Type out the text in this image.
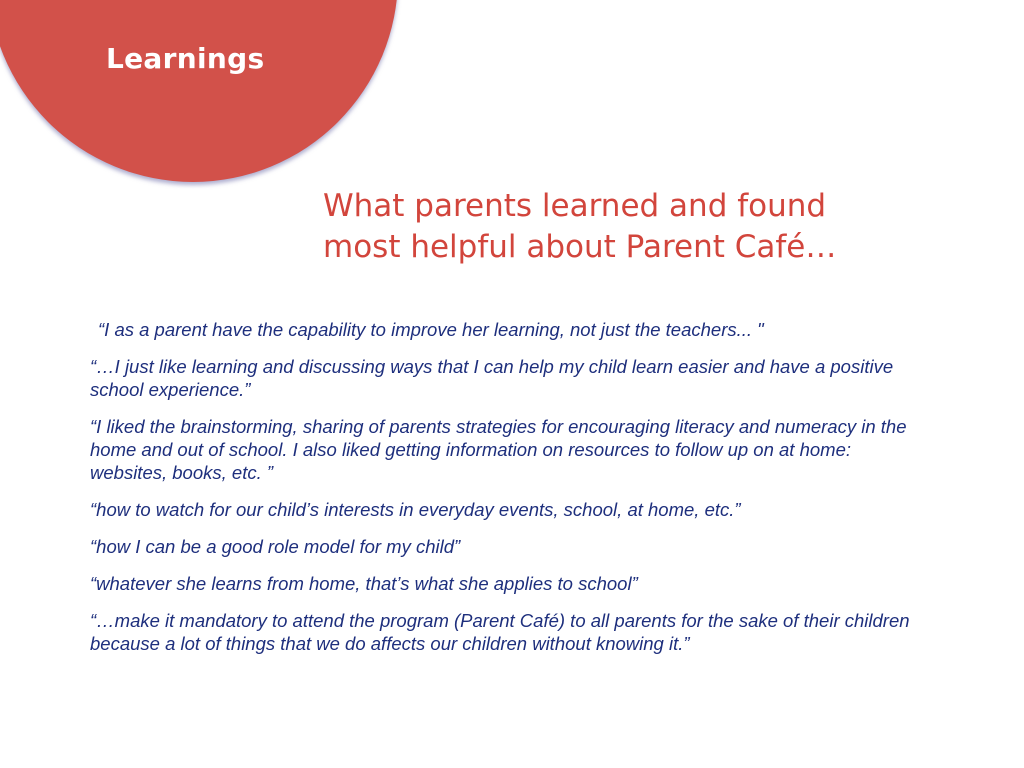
Learnings
What parents learned and found
most helpful about Parent Café…
“I as a parent have the capability to improve her learning, not just the teachers... "
“…I just like learning and discussing ways that I can help my child learn easier and have a positive school experience.”
“I liked the brainstorming, sharing of parents strategies for encouraging literacy and numeracy in the home and out of school. I also liked getting information on resources to follow up on at home: websites, books, etc. ”
“how to watch for our child’s interests in everyday events, school, at home, etc.”
“how I can be a good role model for my child”
“whatever she learns from home, that’s what she applies to school”
“…make it mandatory to attend the program (Parent Café) to all parents for the sake of their children because a lot of things that we do affects our children without knowing it.”
